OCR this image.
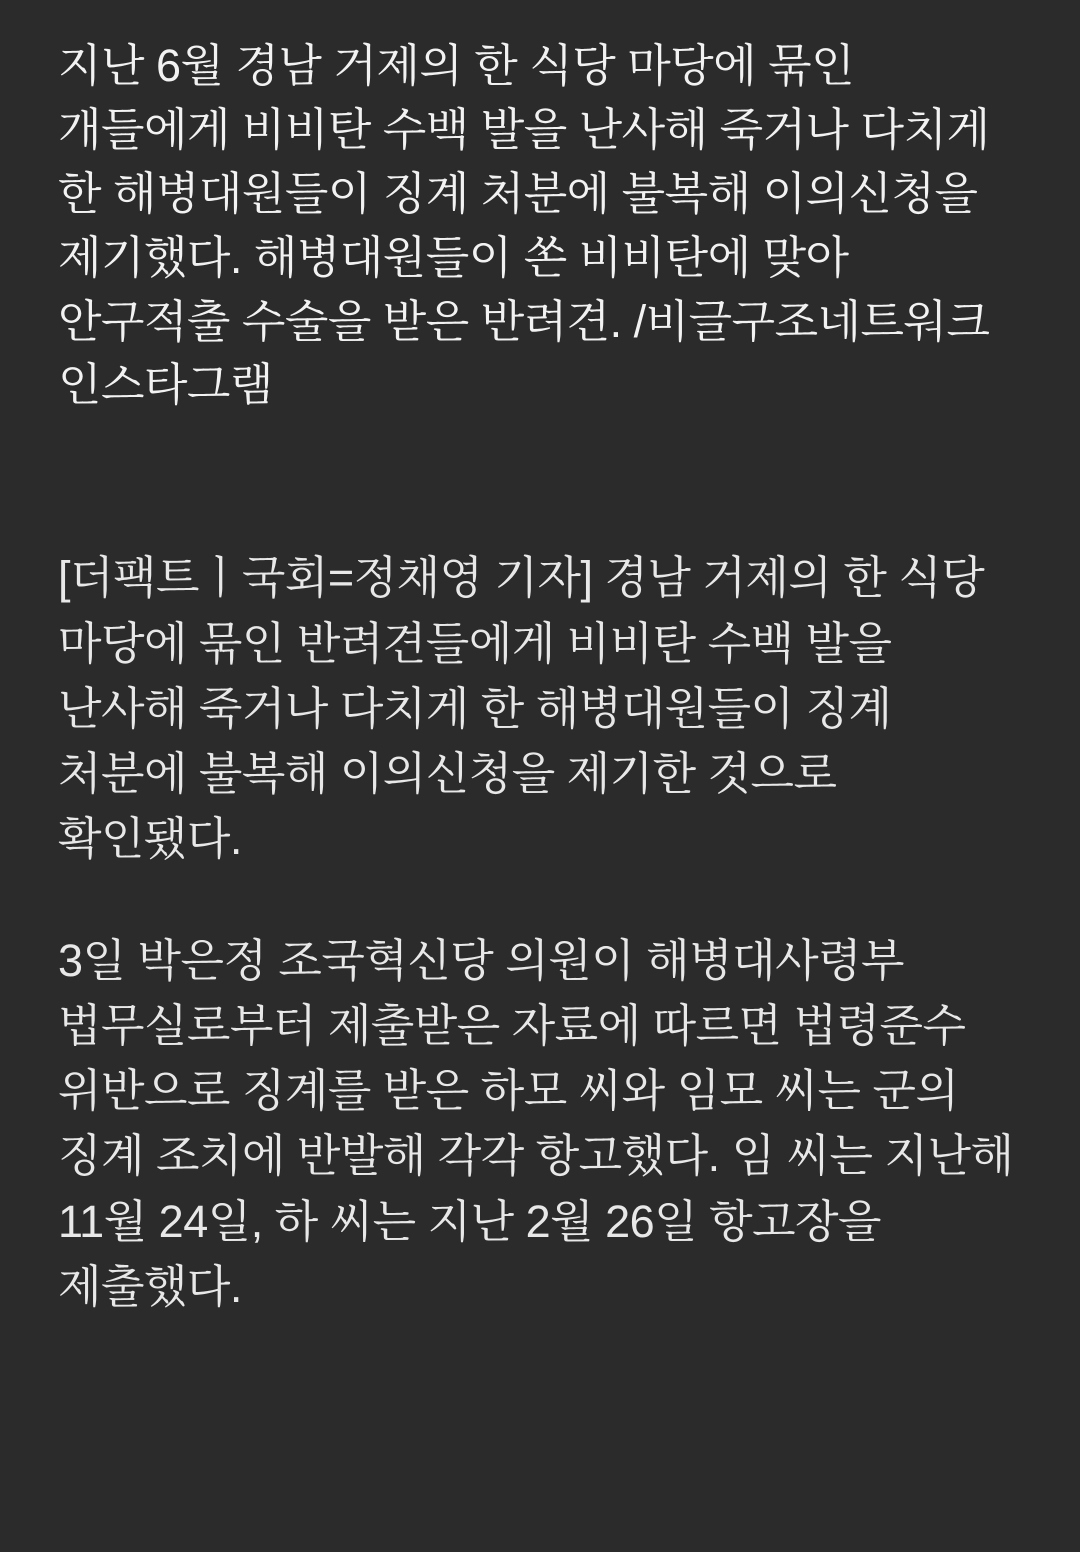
지난 6월 경남 거제의 한 식당 마당에 묶인 개들에게 비비탄 수백 발을 난사해 죽거나 다치게 한 해병대원들이 징계 처분에 불복해 이의신청을 제기했다. 해병대원들이 쏜 비비탄에 맞아 안구적출 수술을 받은 반려견. /비글구조네트워크 인스타그램

[더팩트ㅣ국회=정채영 기자] 경남 거제의 한 식당 마당에 묶인 반려견들에게 비비탄 수백 발을 난사해 죽거나 다치게 한 해병대원들이 징계 처분에 불복해 이의신청을 제기한 것으로 확인됐다.

3일 박은정 조국혁신당 의원이 해병대사령부 법무실로부터 제출받은 자료에 따르면 법령준수 위반으로 징계를 받은 하모 씨와 임모 씨는 군의 징계 조치에 반발해 각각 항고했다. 임 씨는 지난해 11월 24일, 하 씨는 지난 2월 26일 항고장을 제출했다.
